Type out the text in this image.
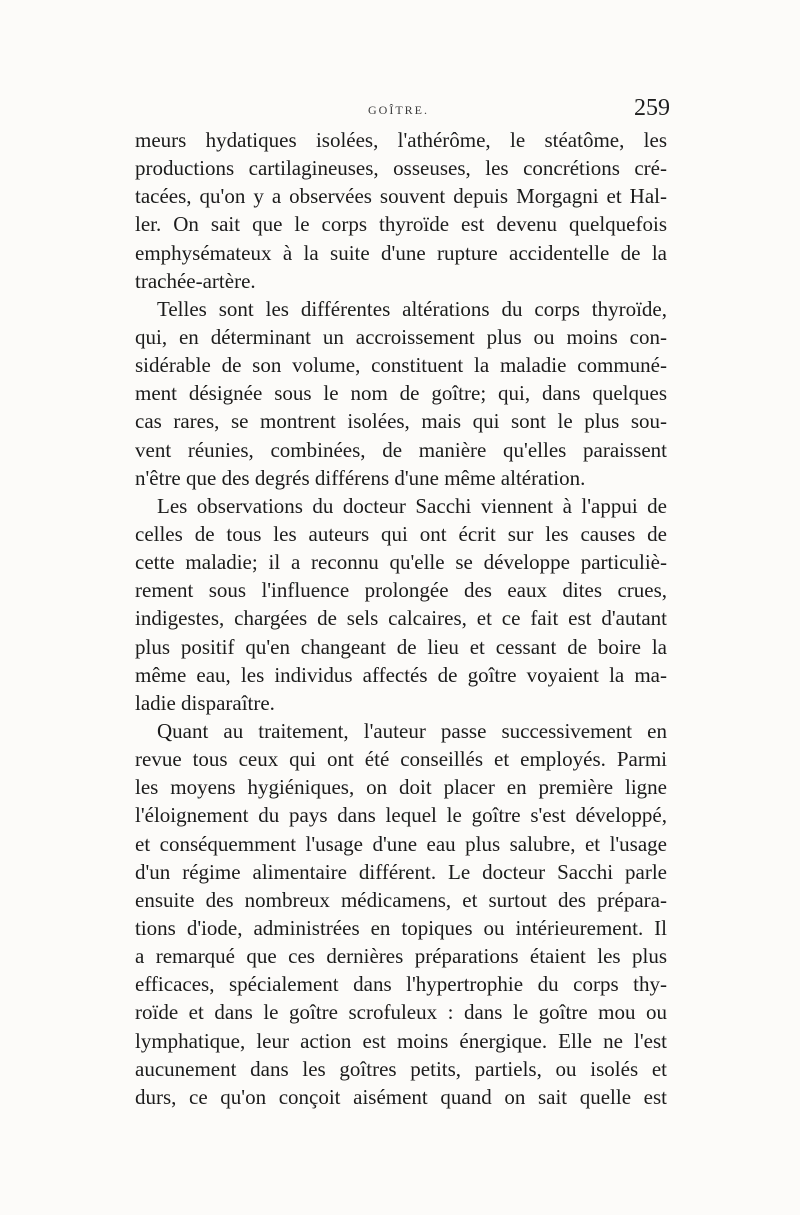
GOÎTRE.	259
meurs hydatiques isolées, l'athérôme, le stéatôme, les
productions cartilagineuses, osseuses, les concrétions cré-
tacées, qu'on y a observées souvent depuis Morgagni et Hal-
ler. On sait que le corps thyroïde est devenu quelquefois
emphysémateux à la suite d'une rupture accidentelle de la
trachée-artère.
Telles sont les différentes altérations du corps thyroïde,
qui, en déterminant un accroissement plus ou moins con-
sidérable de son volume, constituent la maladie communé-
ment désignée sous le nom de goître; qui, dans quelques
cas rares, se montrent isolées, mais qui sont le plus sou-
vent réunies, combinées, de manière qu'elles paraissent
n'être que des degrés différens d'une même altération.
Les observations du docteur Sacchi viennent à l'appui de
celles de tous les auteurs qui ont écrit sur les causes de
cette maladie; il a reconnu qu'elle se développe particuliè-
rement sous l'influence prolongée des eaux dites crues,
indigestes, chargées de sels calcaires, et ce fait est d'autant
plus positif qu'en changeant de lieu et cessant de boire la
même eau, les individus affectés de goître voyaient la ma-
ladie disparaître.
Quant au traitement, l'auteur passe successivement en
revue tous ceux qui ont été conseillés et employés. Parmi
les moyens hygiéniques, on doit placer en première ligne
l'éloignement du pays dans lequel le goître s'est développé,
et conséquemment l'usage d'une eau plus salubre, et l'usage
d'un régime alimentaire différent. Le docteur Sacchi parle
ensuite des nombreux médicamens, et surtout des prépara-
tions d'iode, administrées en topiques ou intérieurement. Il
a remarqué que ces dernières préparations étaient les plus
efficaces, spécialement dans l'hypertrophie du corps thy-
roïde et dans le goître scrofuleux : dans le goître mou ou
lymphatique, leur action est moins énergique. Elle ne l'est
aucunement dans les goîtres petits, partiels, ou isolés et
durs, ce qu'on conçoit aisément quand on sait quelle est
